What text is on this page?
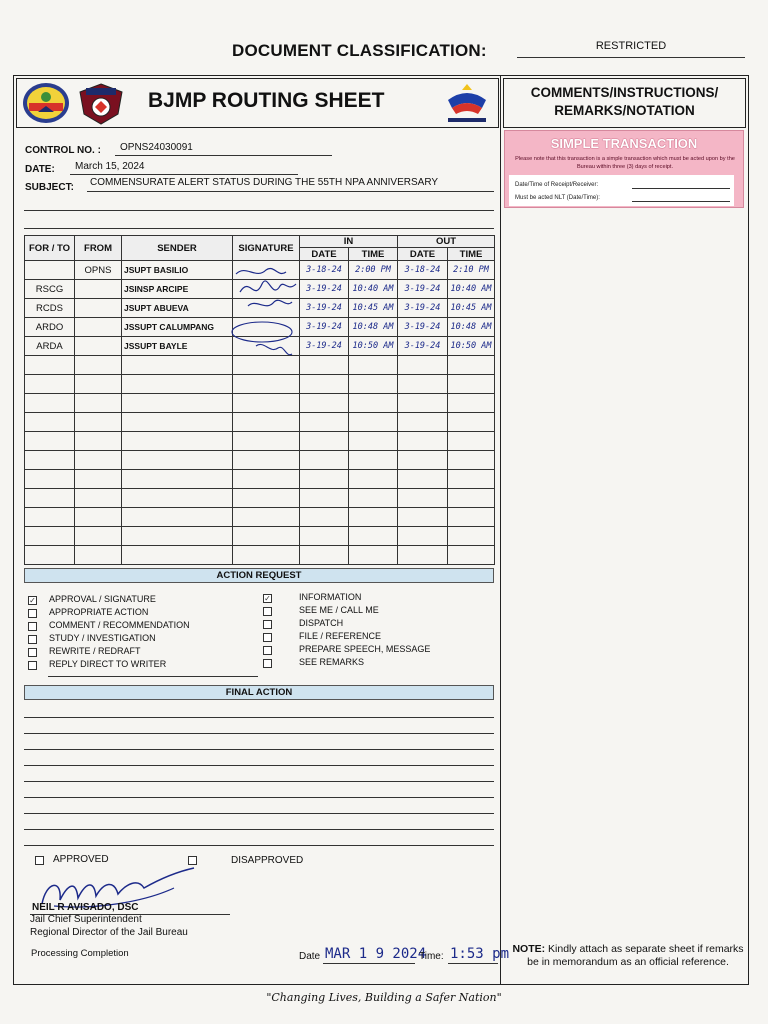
DOCUMENT CLASSIFICATION:	RESTRICTED
BJMP ROUTING SHEET	COMMENTS/INSTRUCTIONS/
REMARKS/NOTATION
SIMPLE TRANSACTION
Please note that this transaction is a simple transaction which must be acted upon by the Bureau within three (3) days of receipt.
Date/Time of Receipt/Receiver:
Must be acted NLT (Date/Time):
CONTROL NO. : OPNS24030091
DATE: March 15, 2024
SUBJECT: COMMENSURATE ALERT STATUS DURING THE 55TH NPA ANNIVERSARY
FOR / TO	FROM	SENDER	SIGNATURE	IN		OUT	
				DATE	TIME	DATE	TIME
	OPNS	JSUPT BASILIO		3-18-24	2:00 PM	3-18-24	2:10 PM
RSCG		JSINSP ARCIPE		3-19-24	10:40 AM	3-19-24	10:40 AM
RCDS		JSUPT ABUEVA		3-19-24	10:45 AM	3-19-24	10:45 AM
ARDO		JSSUPT CALUMPANG		3-19-24	10:48 AM	3-19-24	10:48 AM
ARDA		JSSUPT BAYLE		3-19-24	10:50 AM	3-19-24	10:50 AM

ACTION REQUEST
✓ APPROVAL / SIGNATURE
APPROPRIATE ACTION
COMMENT / RECOMMENDATION
STUDY / INVESTIGATION
REWRITE / REDRAFT
REPLY DIRECT TO WRITER
✓	INFORMATION
SEE ME / CALL ME
DISPATCH
FILE / REFERENCE
PREPARE SPEECH, MESSAGE
SEE REMARKS
FINAL ACTION
APPROVED	DISAPPROVED
NEIL R AVISADO, DSC
Jail Chief Superintendent
Regional Director of the Jail Bureau
Processing Completion	Date MAR 1 9 2024
Time: 1:53 pm NOTE: Kindly attach as separate sheet if remarks be in memorandum as an official reference.
"Changing Lives, Building a Safer Nation"
